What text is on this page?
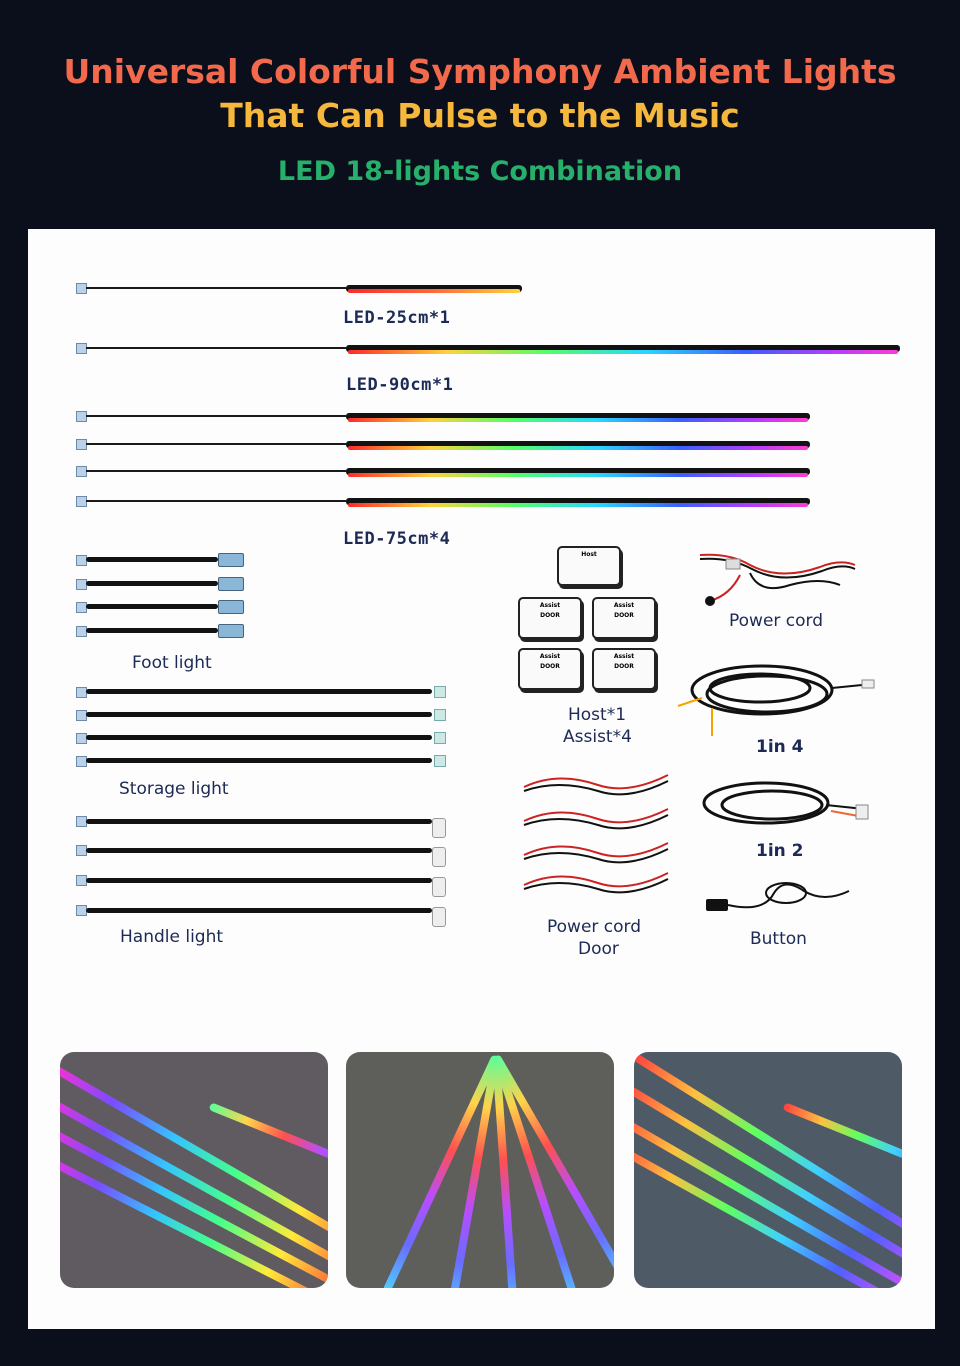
Universal Colorful Symphony Ambient Lights
That Can Pulse to the Music
LED 18-lights Combination
LED-25cm*1
LED-90cm*1
LED-75cm*4
Foot light
Storage light
Handle light
Host
Assist
DOOR
Assist
DOOR
Assist
DOOR
Assist
DOOR
Host*1
Assist*4
Power cord
1in 4
1in 2
Power cord
Door	Button
